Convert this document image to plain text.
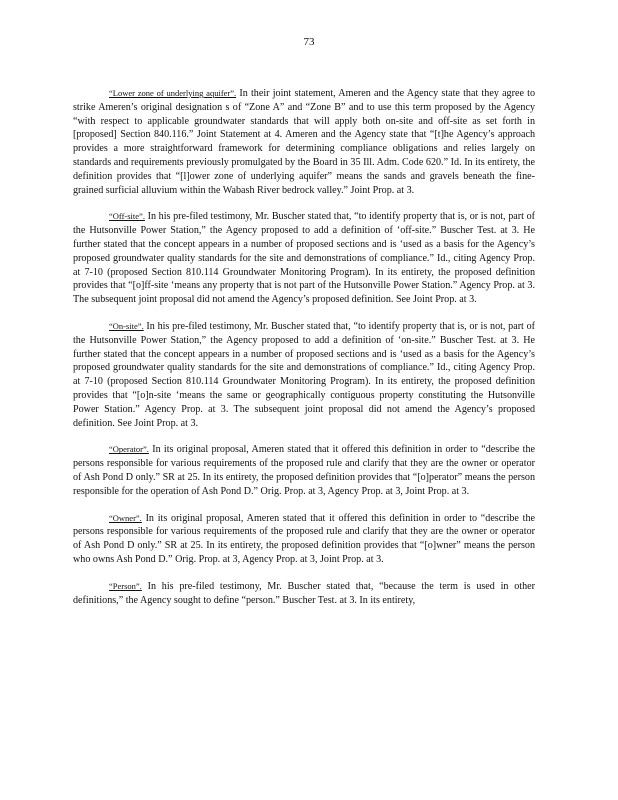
73

“Lower zone of underlying aquifer”. In their joint statement, Ameren and the Agency state that they agree to strike Ameren’s original designation s of “Zone A” and “Zone B” and to use this term proposed by the Agency “with respect to applicable groundwater standards that will apply both on-site and off-site as set forth in [proposed] Section 840.116.” Joint Statement at 4. Ameren and the Agency state that “[t]he Agency’s approach provides a more straightforward framework for determining compliance obligations and relies largely on standards and requirements previously promulgated by the Board in 35 Ill. Adm. Code 620.” Id. In its entirety, the definition provides that “[l]ower zone of underlying aquifer” means the sands and gravels beneath the fine-grained surficial alluvium within the Wabash River bedrock valley.” Joint Prop. at 3.

“Off-site”. In his pre-filed testimony, Mr. Buscher stated that, “to identify property that is, or is not, part of the Hutsonville Power Station,” the Agency proposed to add a definition of ‘off-site.” Buscher Test. at 3. He further stated that the concept appears in a number of proposed sections and is ‘used as a basis for the Agency’s proposed groundwater quality standards for the site and demonstrations of compliance.” Id., citing Agency Prop. at 7-10 (proposed Section 810.114 Groundwater Monitoring Program). In its entirety, the proposed definition provides that “[o]ff-site ‘means any property that is not part of the Hutsonville Power Station.” Agency Prop. at 3. The subsequent joint proposal did not amend the Agency’s proposed definition. See Joint Prop. at 3.

“On-site”. In his pre-filed testimony, Mr. Buscher stated that, “to identify property that is, or is not, part of the Hutsonville Power Station,” the Agency proposed to add a definition of ‘on-site.” Buscher Test. at 3. He further stated that the concept appears in a number of proposed sections and is ‘used as a basis for the Agency’s proposed groundwater quality standards for the site and demonstrations of compliance.” Id., citing Agency Prop. at 7-10 (proposed Section 810.114 Groundwater Monitoring Program). In its entirety, the proposed definition provides that “[o]n-site ‘means the same or geographically contiguous property constituting the Hutsonville Power Station.” Agency Prop. at 3. The subsequent joint proposal did not amend the Agency’s proposed definition. See Joint Prop. at 3.

“Operator”. In its original proposal, Ameren stated that it offered this definition in order to “describe the persons responsible for various requirements of the proposed rule and clarify that they are the owner or operator of Ash Pond D only.” SR at 25. In its entirety, the proposed definition provides that “[o]perator” means the person responsible for the operation of Ash Pond D.” Orig. Prop. at 3, Agency Prop. at 3, Joint Prop. at 3.

“Owner”. In its original proposal, Ameren stated that it offered this definition in order to “describe the persons responsible for various requirements of the proposed rule and clarify that they are the owner or operator of Ash Pond D only.” SR at 25. In its entirety, the proposed definition provides that “[o]wner” means the person who owns Ash Pond D.” Orig. Prop. at 3, Agency Prop. at 3, Joint Prop. at 3.

“Person”. In his pre-filed testimony, Mr. Buscher stated that, “because the term is used in other definitions,” the Agency sought to define “person.” Buscher Test. at 3. In its entirety,
